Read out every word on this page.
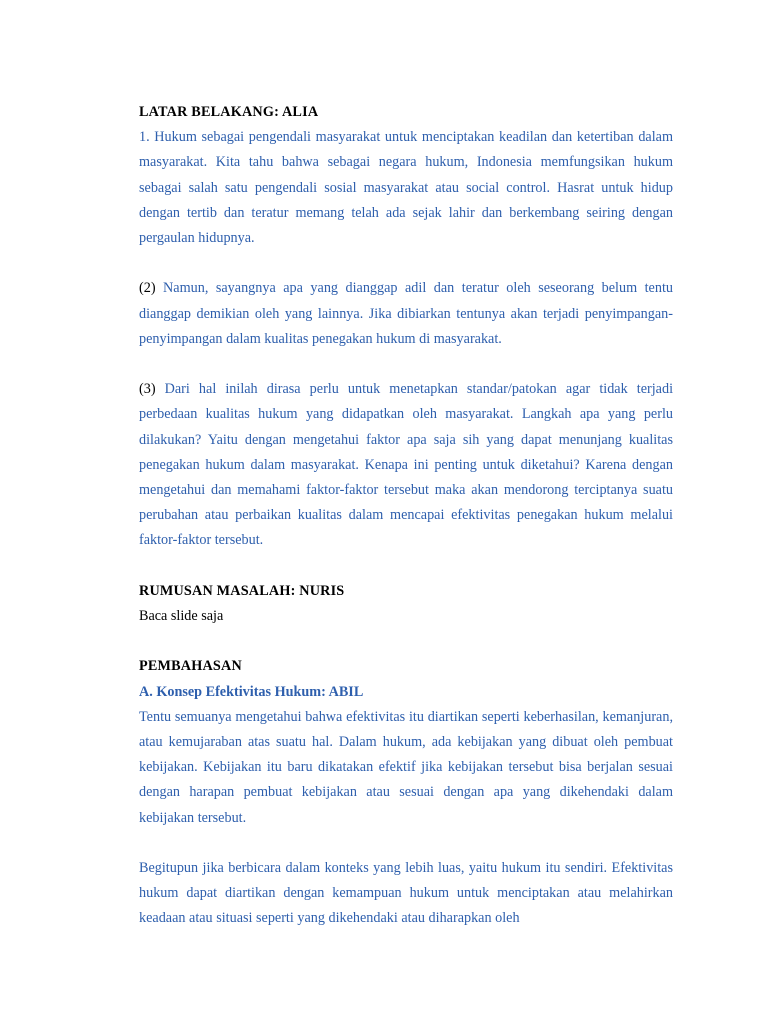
LATAR BELAKANG: ALIA

1. Hukum sebagai pengendali masyarakat untuk menciptakan keadilan dan ketertiban dalam masyarakat. Kita tahu bahwa sebagai negara hukum, Indonesia memfungsikan hukum sebagai salah satu pengendali sosial masyarakat atau social control. Hasrat untuk hidup dengan tertib dan teratur memang telah ada sejak lahir dan berkembang seiring dengan pergaulan hidupnya.

(2) Namun, sayangnya apa yang dianggap adil dan teratur oleh seseorang belum tentu dianggap demikian oleh yang lainnya. Jika dibiarkan tentunya akan terjadi penyimpangan-penyimpangan dalam kualitas penegakan hukum di masyarakat.

(3) Dari hal inilah dirasa perlu untuk menetapkan standar/patokan agar tidak terjadi perbedaan kualitas hukum yang didapatkan oleh masyarakat. Langkah apa yang perlu dilakukan? Yaitu dengan mengetahui faktor apa saja sih yang dapat menunjang kualitas penegakan hukum dalam masyarakat. Kenapa ini penting untuk diketahui? Karena dengan mengetahui dan memahami faktor-faktor tersebut maka akan mendorong terciptanya suatu perubahan atau perbaikan kualitas dalam mencapai efektivitas penegakan hukum melalui faktor-faktor tersebut.

RUMUSAN MASALAH: NURIS

Baca slide saja

PEMBAHASAN

A. Konsep Efektivitas Hukum: ABIL

Tentu semuanya mengetahui bahwa efektivitas itu diartikan seperti keberhasilan, kemanjuran, atau kemujaraban atas suatu hal. Dalam hukum, ada kebijakan yang dibuat oleh pembuat kebijakan. Kebijakan itu baru dikatakan efektif jika kebijakan tersebut bisa berjalan sesuai dengan harapan pembuat kebijakan atau sesuai dengan apa yang dikehendaki dalam kebijakan tersebut.

Begitupun jika berbicara dalam konteks yang lebih luas, yaitu hukum itu sendiri. Efektivitas hukum dapat diartikan dengan kemampuan hukum untuk menciptakan atau melahirkan keadaan atau situasi seperti yang dikehendaki atau diharapkan oleh
